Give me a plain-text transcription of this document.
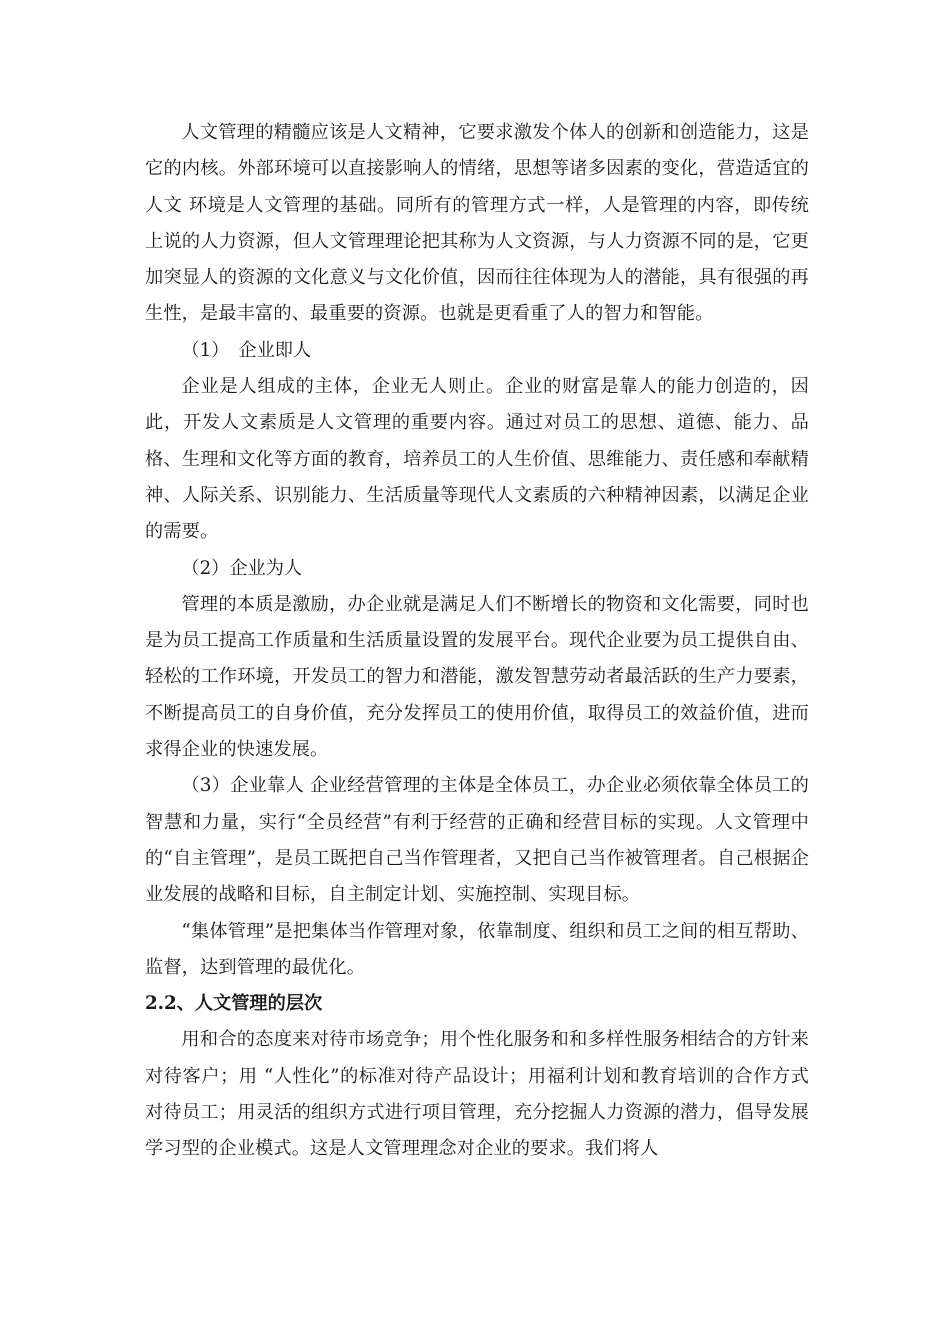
人文管理的精髓应该是人文精神，它要求激发个体人的创新和创造能力，这是它的内核。外部环境可以直接影响人的情绪，思想等诸多因素的变化，营造适宜的人文 环境是人文管理的基础。同所有的管理方式一样，人是管理的内容，即传统上说的人力资源，但人文管理理论把其称为人文资源，与人力资源不同的是，它更加突显人的资源的文化意义与文化价值，因而往往体现为人的潜能，具有很强的再生性，是最丰富的、最重要的资源。也就是更看重了人的智力和智能。

（1）　企业即人

企业是人组成的主体，企业无人则止。企业的财富是靠人的能力创造的，因此，开发人文素质是人文管理的重要内容。通过对员工的思想、道德、能力、品格、生理和文化等方面的教育，培养员工的人生价值、思维能力、责任感和奉献精神、人际关系、识别能力、生活质量等现代人文素质的六种精神因素，以满足企业的需要。

（2）企业为人

管理的本质是激励，办企业就是满足人们不断增长的物资和文化需要，同时也是为员工提高工作质量和生活质量设置的发展平台。现代企业要为员工提供自由、轻松的工作环境，开发员工的智力和潜能，激发智慧劳动者最活跃的生产力要素，不断提高员工的自身价值，充分发挥员工的使用价值，取得员工的效益价值，进而求得企业的快速发展。

（3）企业靠人 企业经营管理的主体是全体员工，办企业必须依靠全体员工的智慧和力量，实行“全员经营”有利于经营的正确和经营目标的实现。人文管理中的“自主管理”，是员工既把自己当作管理者，又把自己当作被管理者。自己根据企业发展的战略和目标，自主制定计划、实施控制、实现目标。

“集体管理”是把集体当作管理对象，依靠制度、组织和员工之间的相互帮助、监督，达到管理的最优化。

2.2、人文管理的层次

用和合的态度来对待市场竞争；用个性化服务和和多样性服务相结合的方针来对待客户；用 “人性化”的标准对待产品设计；用福利计划和教育培训的合作方式对待员工；用灵活的组织方式进行项目管理，充分挖掘人力资源的潜力，倡导发展学习型的企业模式。这是人文管理理念对企业的要求。我们将人
